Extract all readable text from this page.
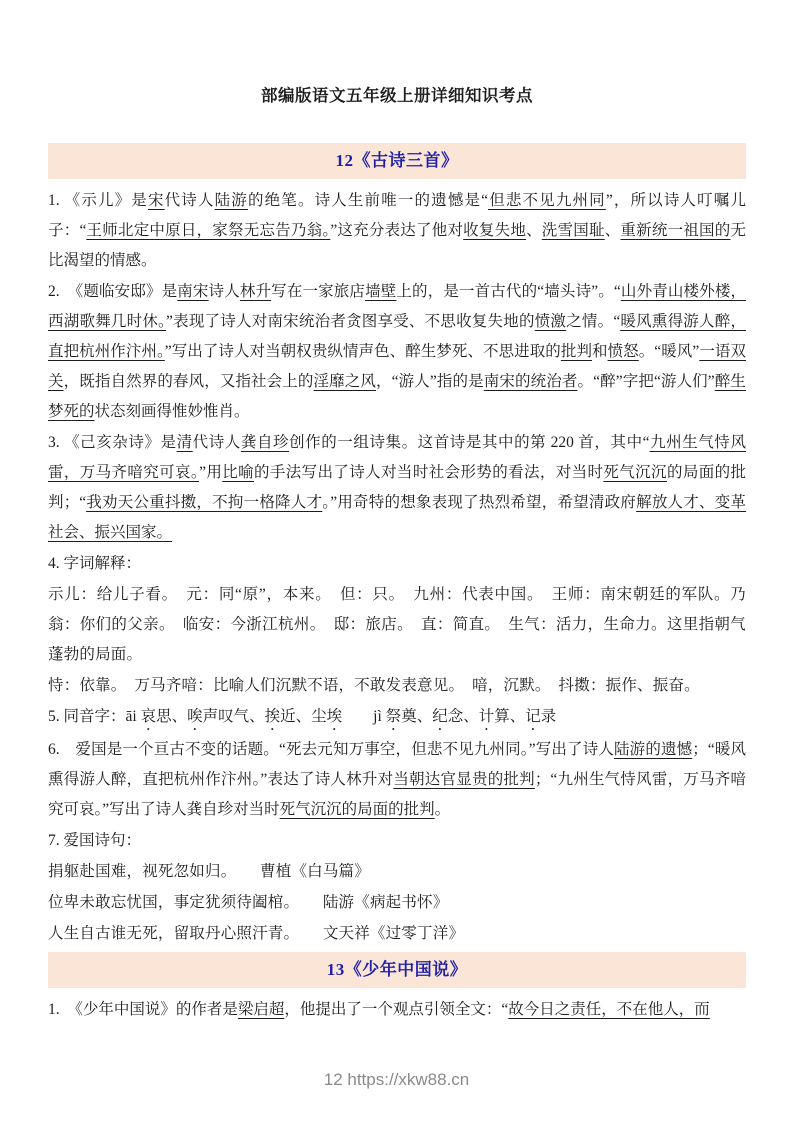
部编版语文五年级上册详细知识考点
12《古诗三首》

1. 《示儿》是宋代诗人陆游的绝笔。诗人生前唯一的遗憾是“但悲不见九州同”，所以诗人叮嘱儿子：“王师北定中原日，家祭无忘告乃翁。”这充分表达了他对收复失地、洗雪国耻、重新统一祖国的无比渴望的情感。

2.　《题临安邸》是南宋诗人林升写在一家旅店墙壁上的，是一首古代的“墙头诗”。“山外青山楼外楼，西湖歌舞几时休。”表现了诗人对南宋统治者贪图享受、不思收复失地的愤激之情。“暖风熏得游人醉，直把杭州作汴州。”写出了诗人对当朝权贵纵情声色、醉生梦死、不思进取的批判和愤怒。“暖风”一语双关，既指自然界的春风，又指社会上的淫靡之风，“游人”指的是南宋的统治者。“醉”字把“游人们”醉生梦死的状态刻画得惟妙惟肖。

3. 《己亥杂诗》是清代诗人龚自珍创作的一组诗集。这首诗是其中的第 220 首，其中“九州生气恃风雷，万马齐喑究可哀。”用比喻的手法写出了诗人对当时社会形势的看法，对当时死气沉沉的局面的批判；“我劝天公重抖擞，不拘一格降人才。”用奇特的想象表现了热烈希望，希望清政府解放人才、变革社会、振兴国家。

4. 字词解释：

示儿：给儿子看。　元：同“原”，本来。　但：只。　九州：代表中国。　王师：南宋朝廷的军队。乃翁：你们的父亲。　临安：今浙江杭州。　邸：旅店。　直：简直。　生气：活力，生命力。这里指朝气蓬勃的局面。

恃：依靠。　万马齐喑：比喻人们沉默不语，不敢发表意见。　喑，沉默。　抖擞：振作、振奋。

5. 同音字：āi 哀思、唉声叹气、挨近、尘埃　　jì 祭奠、纪念、计算、记录

6.　爱国是一个亘古不变的话题。“死去元知万事空，但悲不见九州同。”写出了诗人陆游的遗憾；“暖风熏得游人醉，直把杭州作汴州。”表达了诗人林升对当朝达官显贵的批判；“九州生气恃风雷，万马齐喑究可哀。”写出了诗人龚自珍对当时死气沉沉的局面的批判。

7. 爱国诗句：

捐躯赴国难，视死忽如归。　　曹植《白马篇》

位卑未敢忘忧国，事定犹须待阖棺。　　陆游《病起书怀》

人生自古谁无死，留取丹心照汗青。　　文天祥《过零丁洋》

13《少年中国说》

1.　《少年中国说》的作者是梁启超，他提出了一个观点引领全文：“故今日之责任，不在他人，而

12 https://xkw88.cn
